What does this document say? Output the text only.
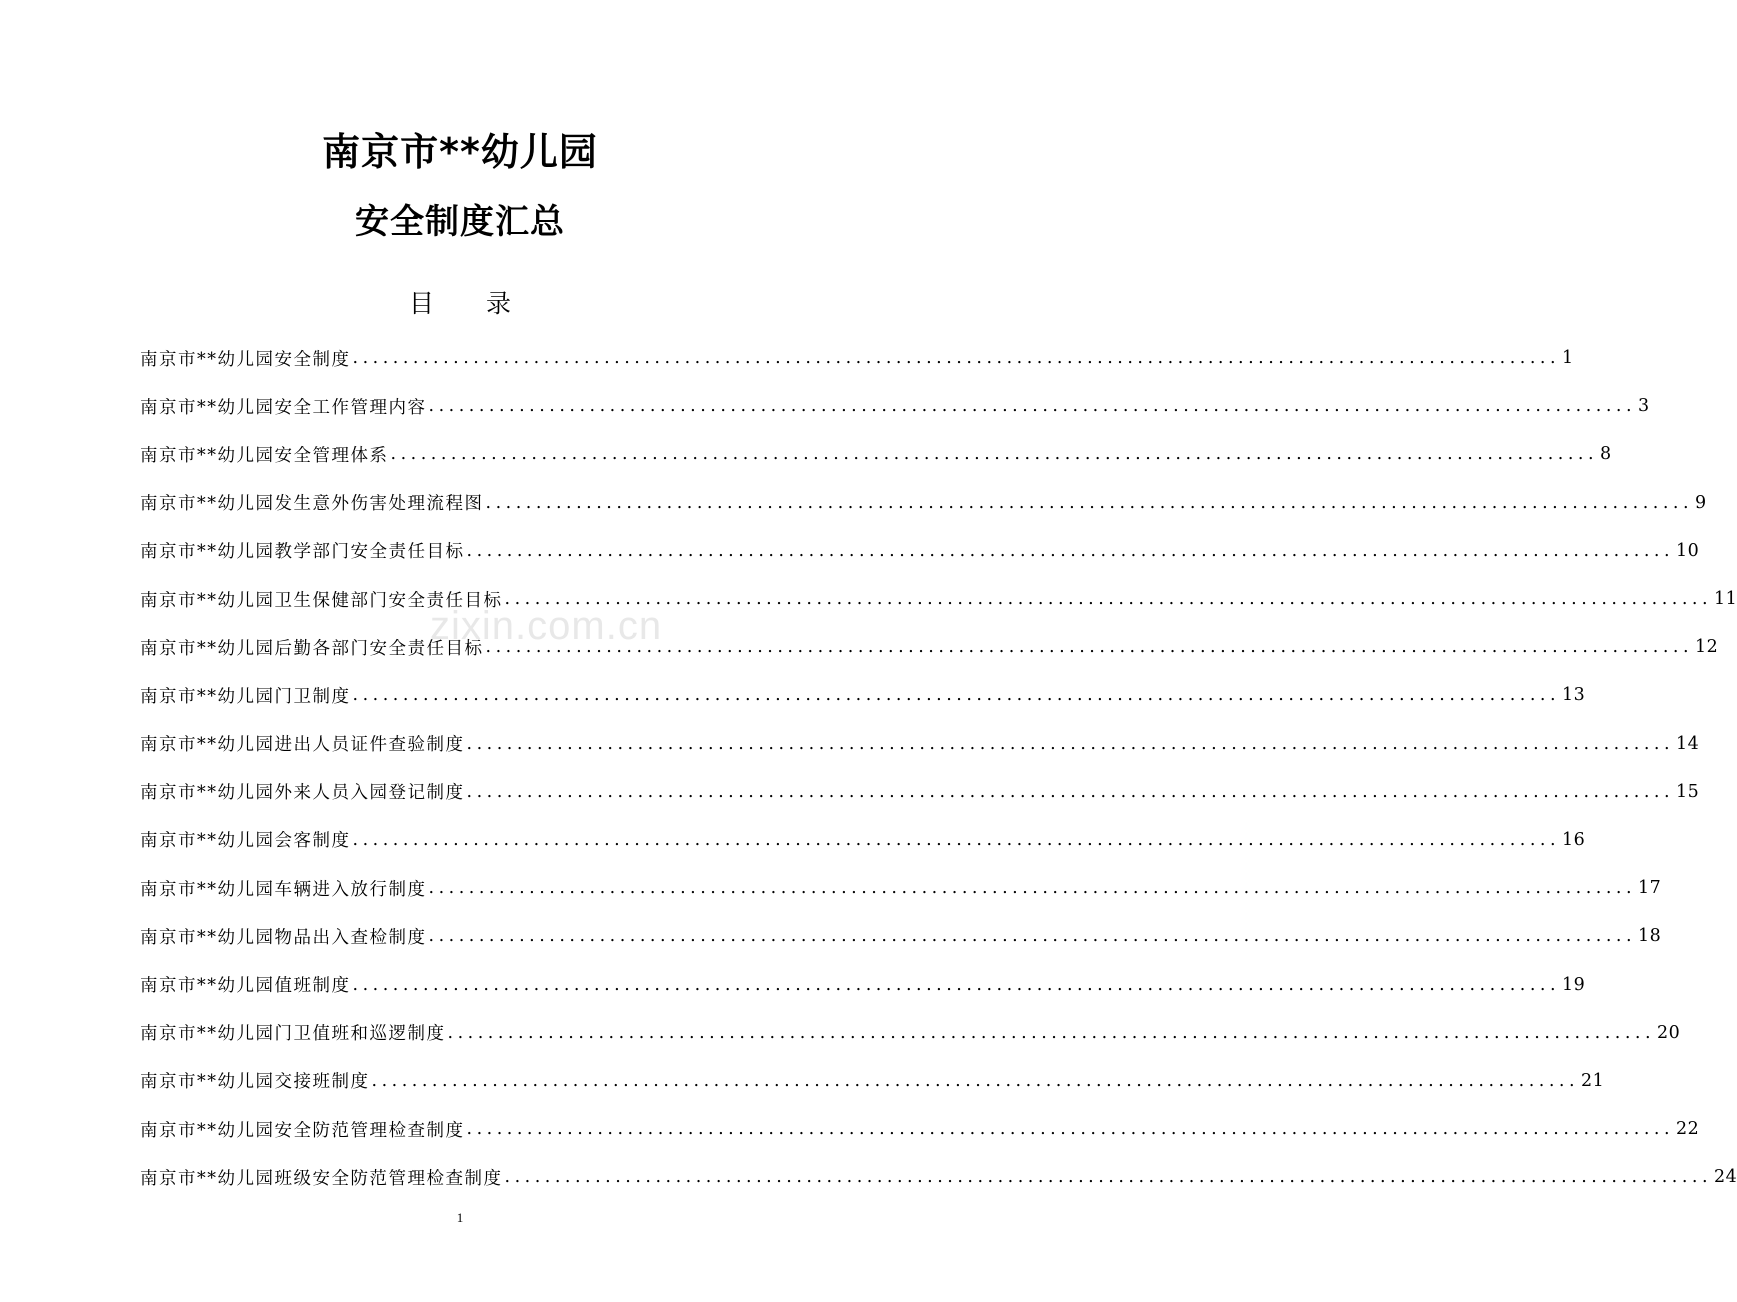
南京市**幼儿园
安全制度汇总
目 录
南京市**幼儿园安全制度 ........................................................................................................................ 1
南京市**幼儿园安全工作管理内容 ........................................................................................................................ 3
南京市**幼儿园安全管理体系 ........................................................................................................................ 8
南京市**幼儿园发生意外伤害处理流程图 ........................................................................................................................ 9
南京市**幼儿园教学部门安全责任目标 ........................................................................................................................ 10
南京市**幼儿园卫生保健部门安全责任目标 ........................................................................................................................ 11
南京市**幼儿园后勤各部门安全责任目标 ........................................................................................................................ 12
南京市**幼儿园门卫制度 ........................................................................................................................ 13
南京市**幼儿园进出人员证件查验制度 ........................................................................................................................ 14
南京市**幼儿园外来人员入园登记制度 ........................................................................................................................ 15
南京市**幼儿园会客制度 ........................................................................................................................ 16
南京市**幼儿园车辆进入放行制度 ........................................................................................................................ 17
南京市**幼儿园物品出入查检制度 ........................................................................................................................ 18
南京市**幼儿园值班制度 ........................................................................................................................ 19
南京市**幼儿园门卫值班和巡逻制度 ........................................................................................................................ 20
南京市**幼儿园交接班制度 ........................................................................................................................ 21
南京市**幼儿园安全防范管理检查制度 ........................................................................................................................ 22
南京市**幼儿园班级安全防范管理检查制度 ........................................................................................................................ 24
zixin.com.cn
1
